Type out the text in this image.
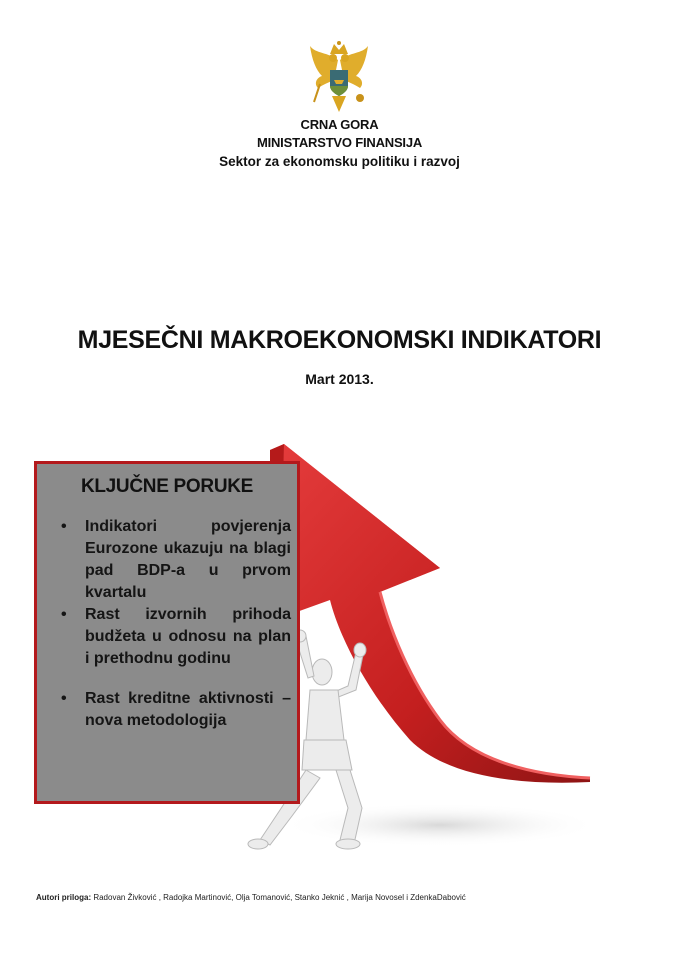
CRNA GORA
MINISTARSTVO FINANSIJA
Sektor za ekonomsku politiku i razvoj
MJESEČNI MAKROEKONOMSKI INDIKATORI
Mart 2013.
KLJUČNE PORUKE
• Indikatori povjerenja Eurozone ukazuju na blagi pad BDP-a u prvom kvartalu
• Rast izvornih prihoda budžeta u odnosu na plan i prethodnu godinu
• Rast kreditne aktivnosti – nova metodologija
Autori priloga: Radovan Živković , Radojka Martinović, Olja Tomanović, Stanko Jeknić , Marija Novosel i ZdenkaDabović
